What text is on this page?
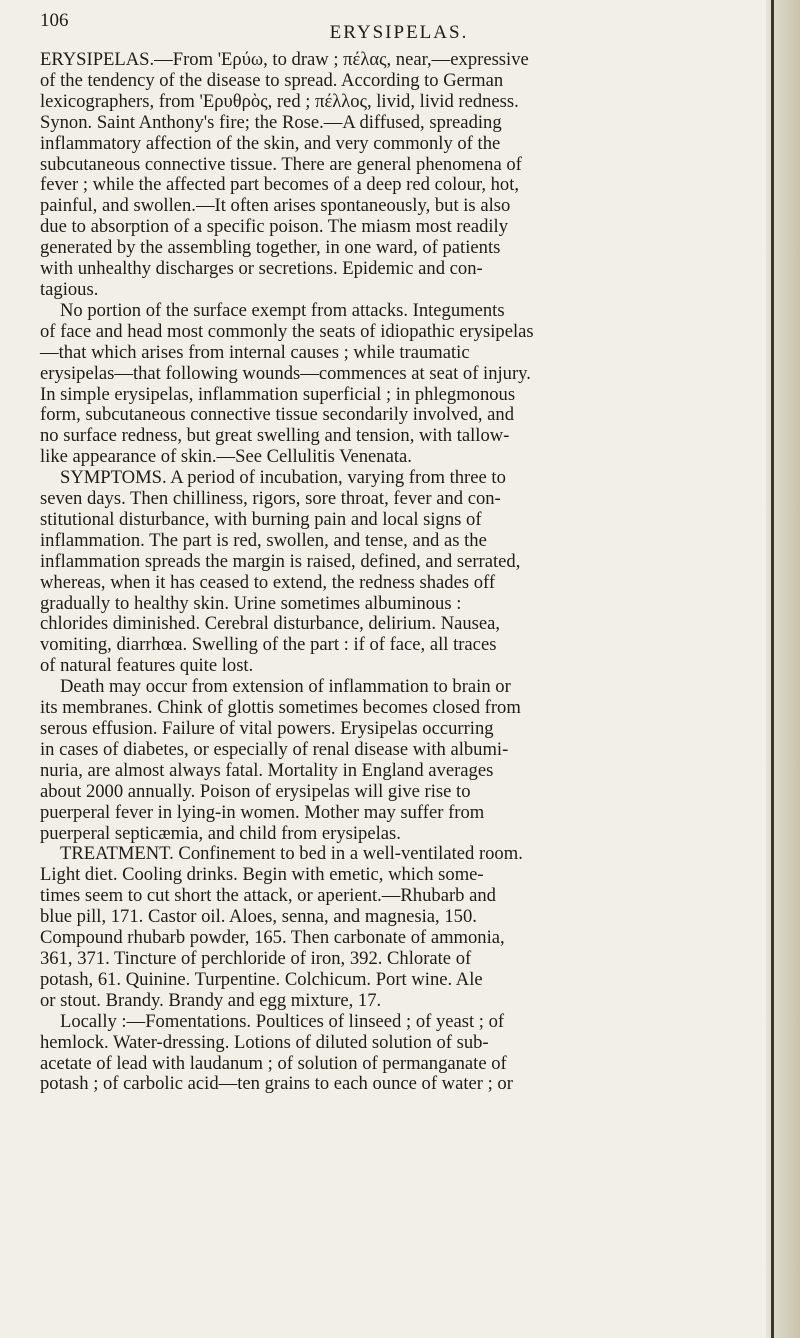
106
ERYSIPELAS.

ERYSIPELAS.—From 'Ερύω, to draw ; πέλας, near,—expressive
of the tendency of the disease to spread. According to German
lexicographers, from 'Ερυθρὸς, red ; πέλλος, livid, livid redness.
Synon. Saint Anthony's fire; the Rose.—A diffused, spreading
inflammatory affection of the skin, and very commonly of the
subcutaneous connective tissue. There are general phenomena of
fever ; while the affected part becomes of a deep red colour, hot,
painful, and swollen.—It often arises spontaneously, but is also
due to absorption of a specific poison. The miasm most readily
generated by the assembling together, in one ward, of patients
with unhealthy discharges or secretions. Epidemic and con-
tagious.

No portion of the surface exempt from attacks. Integuments
of face and head most commonly the seats of idiopathic erysipelas
—that which arises from internal causes ; while traumatic
erysipelas—that following wounds—commences at seat of injury.
In simple erysipelas, inflammation superficial ; in phlegmonous
form, subcutaneous connective tissue secondarily involved, and
no surface redness, but great swelling and tension, with tallow-
like appearance of skin.—See Cellulitis Venenata.

SYMPTOMS. A period of incubation, varying from three to
seven days. Then chilliness, rigors, sore throat, fever and con-
stitutional disturbance, with burning pain and local signs of
inflammation. The part is red, swollen, and tense, and as the
inflammation spreads the margin is raised, defined, and serrated,
whereas, when it has ceased to extend, the redness shades off
gradually to healthy skin. Urine sometimes albuminous :
chlorides diminished. Cerebral disturbance, delirium. Nausea,
vomiting, diarrhœa. Swelling of the part : if of face, all traces
of natural features quite lost.

Death may occur from extension of inflammation to brain or
its membranes. Chink of glottis sometimes becomes closed from
serous effusion. Failure of vital powers. Erysipelas occurring
in cases of diabetes, or especially of renal disease with albumi-
nuria, are almost always fatal. Mortality in England averages
about 2000 annually. Poison of erysipelas will give rise to
puerperal fever in lying-in women. Mother may suffer from
puerperal septicæmia, and child from erysipelas.

TREATMENT. Confinement to bed in a well-ventilated room.
Light diet. Cooling drinks. Begin with emetic, which some-
times seem to cut short the attack, or aperient.—Rhubarb and
blue pill, 171. Castor oil. Aloes, senna, and magnesia, 150.
Compound rhubarb powder, 165. Then carbonate of ammonia,
361, 371. Tincture of perchloride of iron, 392. Chlorate of
potash, 61. Quinine. Turpentine. Colchicum. Port wine. Ale
or stout. Brandy. Brandy and egg mixture, 17.

Locally :—Fomentations. Poultices of linseed ; of yeast ; of
hemlock. Water-dressing. Lotions of diluted solution of sub-
acetate of lead with laudanum ; of solution of permanganate of
potash ; of carbolic acid—ten grains to each ounce of water ; or
